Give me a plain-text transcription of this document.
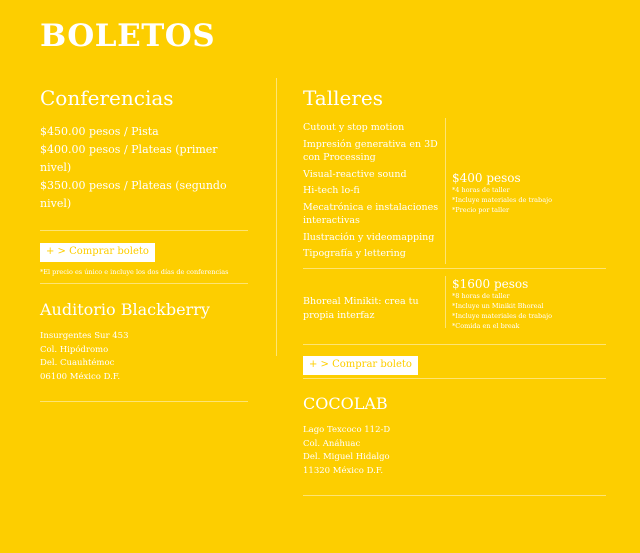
BOLETOS
Conferencias
$450.00 pesos / Pista
$400.00 pesos / Plateas (primer nivel)
$350.00 pesos / Plateas (segundo nivel)
+ > Comprar boleto
*El precio es único e incluye los dos días de conferencias
Auditorio Blackberry
Insurgentes Sur 453
Col. Hipódromo
Del. Cuauhtémoc
06100 México D.F.
Talleres
Cutout y stop motion
Impresión generativa en 3D con Processing
Visual-reactive sound
Hi-tech lo-fi
Mecatrónica e instalaciones interactivas
Ilustración y videomapping
Tipografía y lettering
$400 pesos
*4 horas de taller
*Incluye materiales de trabajo
*Precio por taller
Bhoreal Minikit: crea tu propia interfaz
$1600 pesos
*8 horas de taller
*Incluye un Minikit Bhoreal
*Incluye materiales de trabajo
*Comida en el break
+ > Comprar boleto
COCOLAB
Lago Texcoco 112-D
Col. Anáhuac
Del. Miguel Hidalgo
11320 México D.F.
